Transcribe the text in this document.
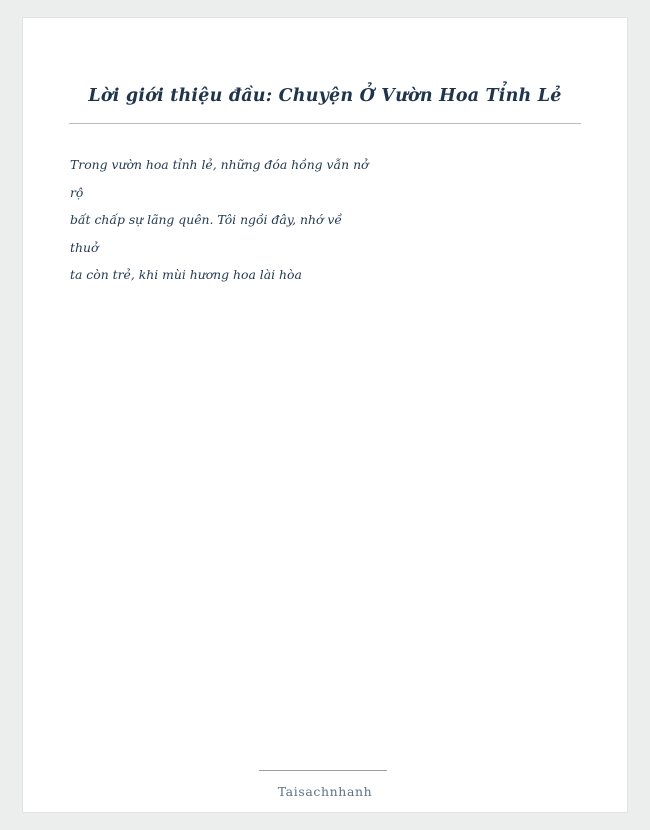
Lời giới thiệu đầu: Chuyện Ở Vườn Hoa Tỉnh Lẻ
Trong vườn hoa tỉnh lẻ, những đóa hồng vẫn nở
rộ
bất chấp sự lãng quên. Tôi ngồi đây, nhớ về
thuở
ta còn trẻ, khi mùi hương hoa lài hòa
Taisachnhanh
